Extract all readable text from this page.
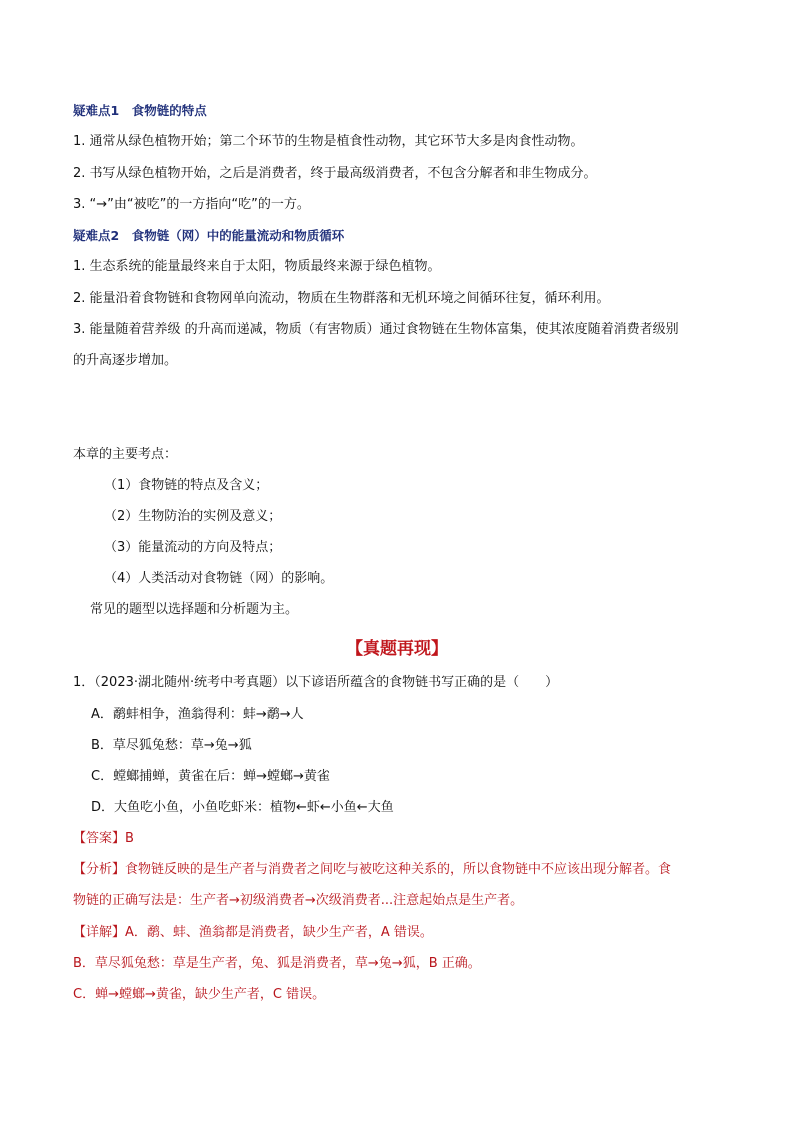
疑难点1　食物链的特点
1. 通常从绿色植物开始；第二个环节的生物是植食性动物，其它环节大多是肉食性动物。
2. 书写从绿色植物开始，之后是消费者，终于最高级消费者，不包含分解者和非生物成分。
3. “→”由“被吃”的一方指向“吃”的一方。
疑难点2　食物链（网）中的能量流动和物质循环
1. 生态系统的能量最终来自于太阳，物质最终来源于绿色植物。
2. 能量沿着食物链和食物网单向流动，物质在生物群落和无机环境之间循环往复，循环利用。
3. 能量随着营养级 的升高而递减，物质（有害物质）通过食物链在生物体富集，使其浓度随着消费者级别
的升高逐步增加。
本章的主要考点：
（1）食物链的特点及含义；
（2）生物防治的实例及意义；
（3）能量流动的方向及特点；
（4）人类活动对食物链（网）的影响。
常见的题型以选择题和分析题为主。
【真题再现】
1．（2023·湖北随州·统考中考真题）以下谚语所蕴含的食物链书写正确的是（　　）
A．鹬蚌相争，渔翁得利：蚌→鹬→人
B．草尽狐兔愁：草→兔→狐
C．螳螂捕蝉，黄雀在后：蝉→螳螂→黄雀
D．大鱼吃小鱼，小鱼吃虾米：植物←虾←小鱼←大鱼
【答案】B
【分析】食物链反映的是生产者与消费者之间吃与被吃这种关系的，所以食物链中不应该出现分解者。食
物链的正确写法是：生产者→初级消费者→次级消费者...注意起始点是生产者。
【详解】A．鹬、蚌、渔翁都是消费者，缺少生产者，A 错误。
B．草尽狐兔愁：草是生产者，兔、狐是消费者，草→兔→狐，B 正确。
C．蝉→螳螂→黄雀，缺少生产者，C 错误。
